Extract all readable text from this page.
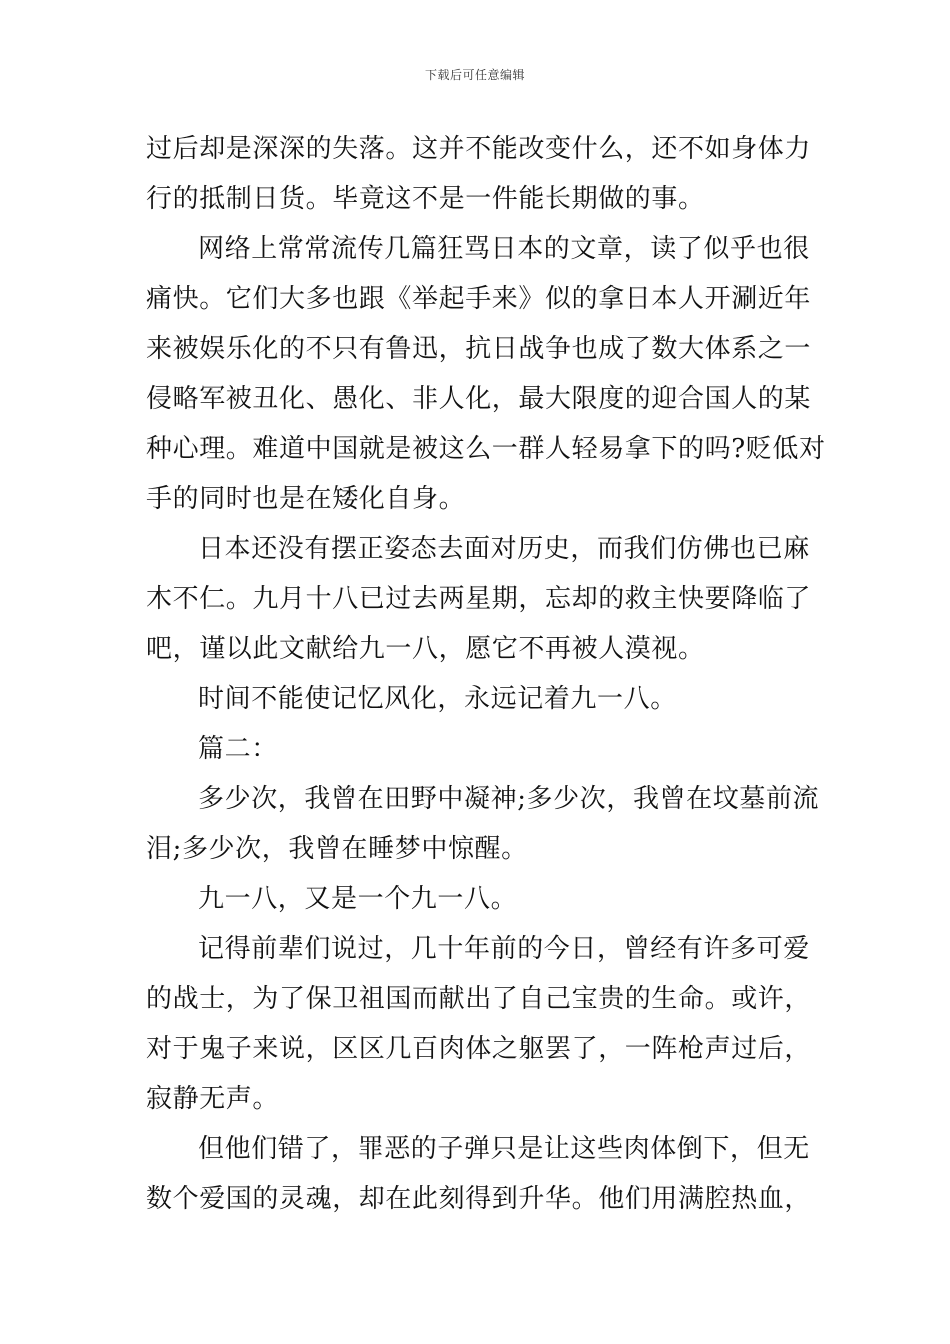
下载后可任意编辑
过后却是深深的失落。这并不能改变什么，还不如身体力
行的抵制日货。毕竟这不是一件能长期做的事。
网络上常常流传几篇狂骂日本的文章，读了似乎也很
痛快。它们大多也跟《举起手来》似的拿日本人开涮近年
来被娱乐化的不只有鲁迅，抗日战争也成了数大体系之一
侵略军被丑化、愚化、非人化，最大限度的迎合国人的某
种心理。难道中国就是被这么一群人轻易拿下的吗?贬低对
手的同时也是在矮化自身。
日本还没有摆正姿态去面对历史，而我们仿佛也已麻
木不仁。九月十八已过去两星期，忘却的救主快要降临了
吧，谨以此文献给九一八，愿它不再被人漠视。
时间不能使记忆风化，永远记着九一八。
篇二：
多少次，我曾在田野中凝神;多少次，我曾在坟墓前流
泪;多少次，我曾在睡梦中惊醒。
九一八，又是一个九一八。
记得前辈们说过，几十年前的今日，曾经有许多可爱
的战士，为了保卫祖国而献出了自己宝贵的生命。或许，
对于鬼子来说，区区几百肉体之躯罢了，一阵枪声过后，
寂静无声。
但他们错了，罪恶的子弹只是让这些肉体倒下，但无
数个爱国的灵魂，却在此刻得到升华。他们用满腔热血，
